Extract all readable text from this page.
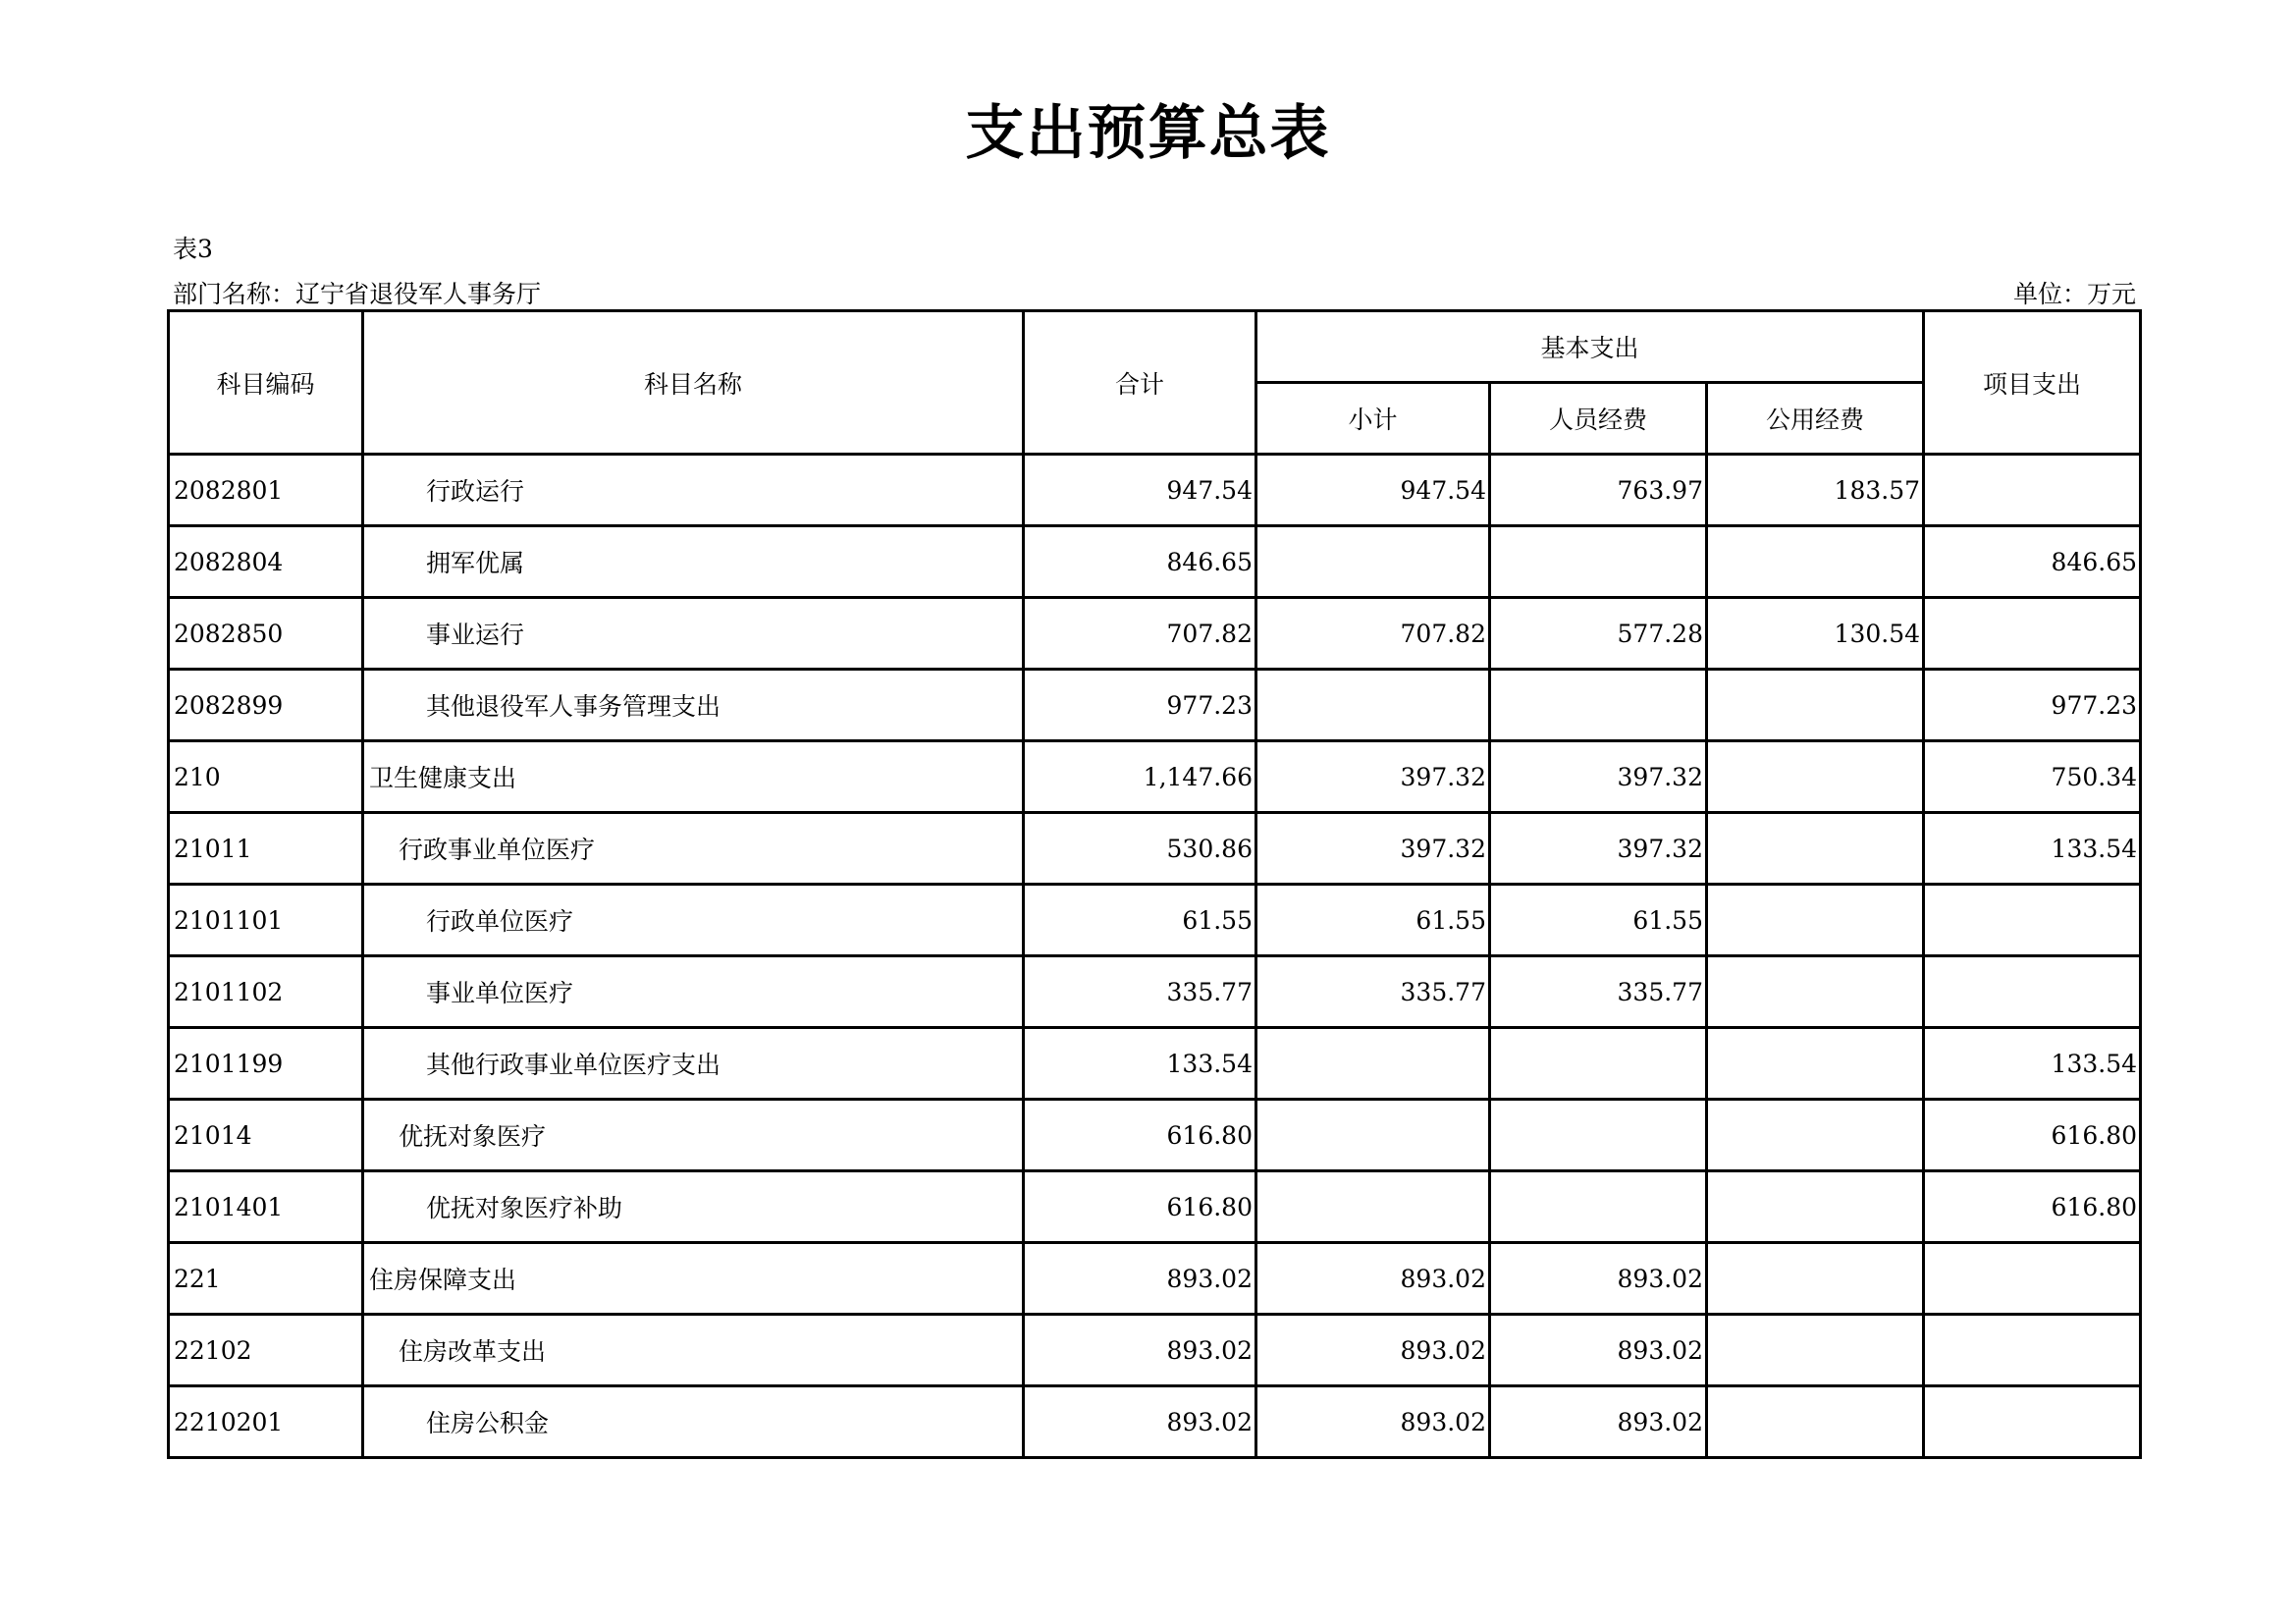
支出预算总表
表3
部门名称：辽宁省退役军人事务厅	单位：万元
科目编码	科目名称	合计	基本支出			项目支出
			小计	人员经费	公用经费	
2082801	行政运行	947.54	947.54	763.97	183.57	
2082804	拥军优属	846.65				846.65
2082850	事业运行	707.82	707.82	577.28	130.54	
2082899	其他退役军人事务管理支出	977.23				977.23
210	卫生健康支出	1,147.66	397.32	397.32		750.34
21011	行政事业单位医疗	530.86	397.32	397.32		133.54
2101101	行政单位医疗	61.55	61.55	61.55		
2101102	事业单位医疗	335.77	335.77	335.77		
2101199	其他行政事业单位医疗支出	133.54				133.54
21014	优抚对象医疗	616.80				616.80
2101401	优抚对象医疗补助	616.80				616.80
221	住房保障支出	893.02	893.02	893.02		
22102	住房改革支出	893.02	893.02	893.02		
2210201	住房公积金	893.02	893.02	893.02		
